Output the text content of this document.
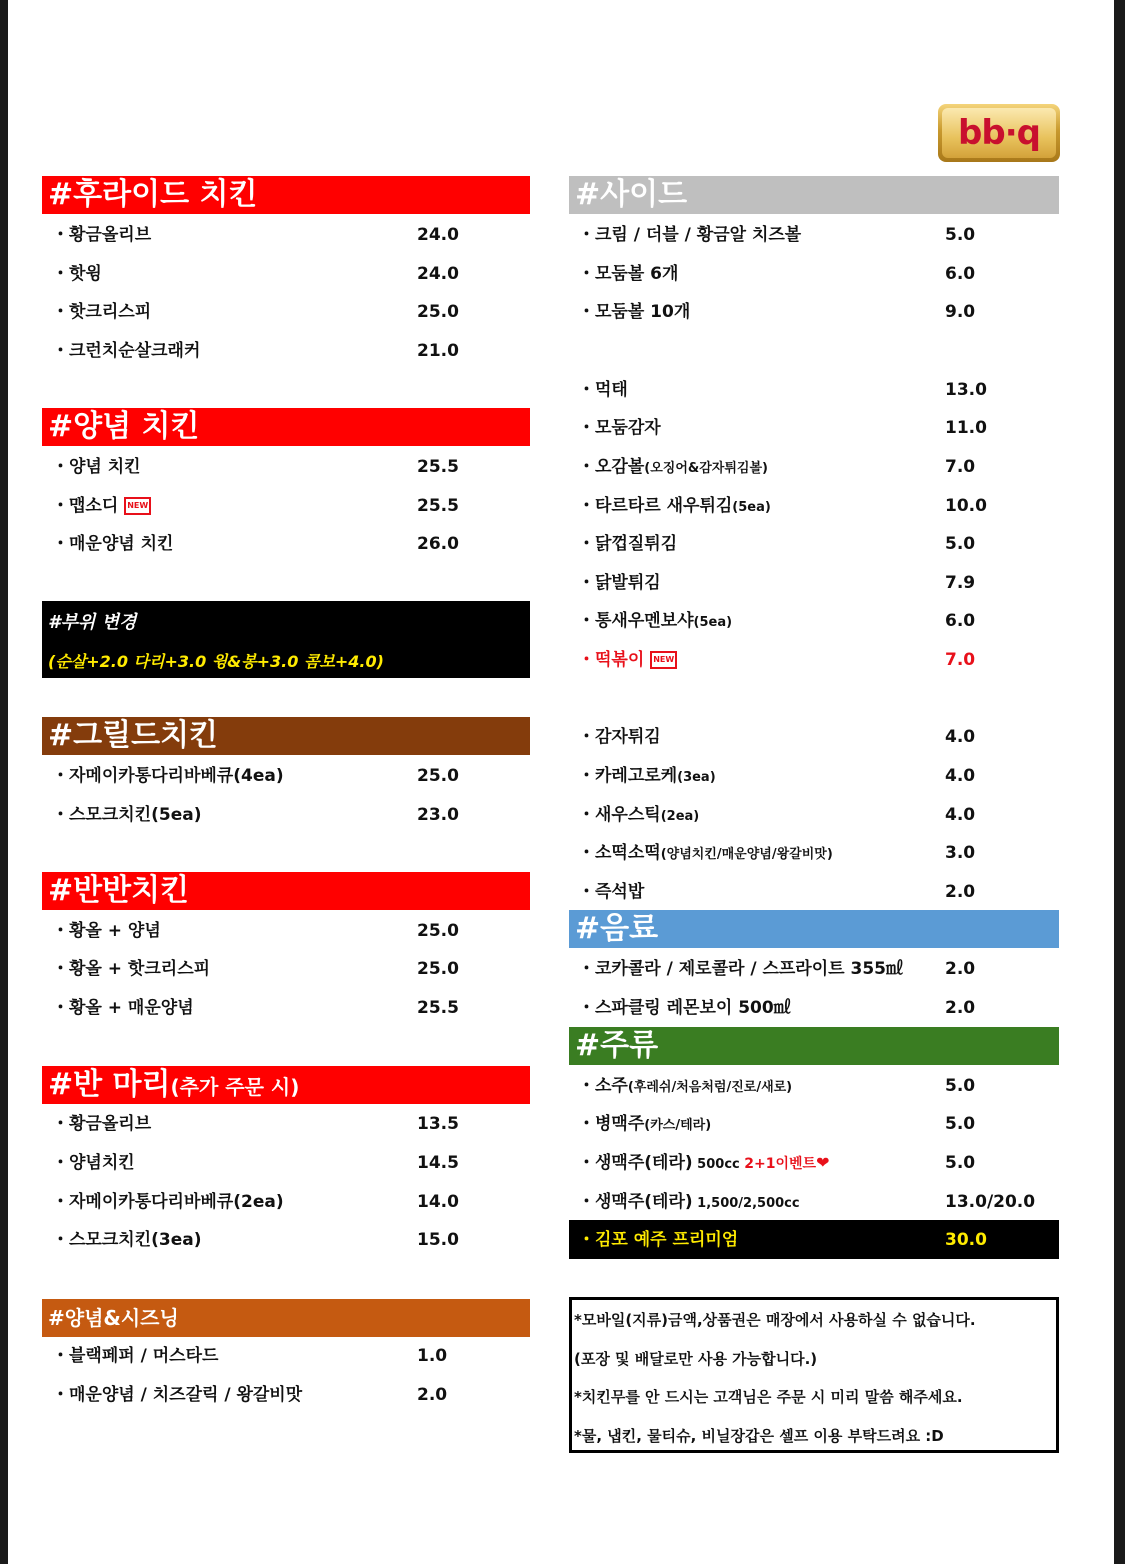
bb·q
#후라이드 치킨
・황금올리브	24.0
・핫윙	24.0
・핫크리스피	25.0
・크런치순살크래커	21.0
#양념 치킨
・양념 치킨	25.5
・맵소디 NEW	25.5
・매운양념 치킨	26.0
#부위 변경
(순살+2.0 다리+3.0 윙&봉+3.0 콤보+4.0)
#그릴드치킨
・자메이카통다리바베큐(4ea)	25.0
・스모크치킨(5ea)	23.0
#반반치킨
・황올 + 양념	25.0
・황올 + 핫크리스피	25.0
・황올 + 매운양념	25.5
#반 마리(추가 주문 시)
・황금올리브	13.5
・양념치킨	14.5
・자메이카통다리바베큐(2ea)	14.0
・스모크치킨(3ea)	15.0
#양념&시즈닝
・블랙페퍼 / 머스타드	1.0
・매운양념 / 치즈갈릭 / 왕갈비맛	2.0
#사이드
・크림 / 더블 / 황금알 치즈볼	5.0
・모둠볼 6개	6.0
・모둠볼 10개	9.0
・먹태	13.0
・모둠감자	11.0
・오감볼(오징어&감자튀김볼)	7.0
・타르타르 새우튀김(5ea)	10.0
・닭껍질튀김	5.0
・닭발튀김	7.9
・통새우멘보샤(5ea)	6.0
・떡볶이 NEW	7.0
・감자튀김	4.0
・카레고로케(3ea)	4.0
・새우스틱(2ea)	4.0
・소떡소떡(양념치킨/매운양념/왕갈비맛)	3.0
・즉석밥	2.0
#음료
・코카콜라 / 제로콜라 / 스프라이트 355㎖ 2.0
・스파클링 레몬보이 500㎖	2.0
#주류
・소주(후레쉬/처음처럼/진로/새로)	5.0
・병맥주(카스/테라)	5.0
・생맥주(테라) 500cc 2+1이벤트❤	5.0
・생맥주(테라) 1,500/2,500cc	13.0/20.0
・김포 예주 프리미엄	30.0
*모바일(지류)금액,상품권은 매장에서 사용하실 수 없습니다.
(포장 및 배달로만 사용 가능합니다.)
*치킨무를 안 드시는 고객님은 주문 시 미리 말씀 해주세요.
*물, 냅킨, 물티슈, 비닐장갑은 셀프 이용 부탁드려요 :D
